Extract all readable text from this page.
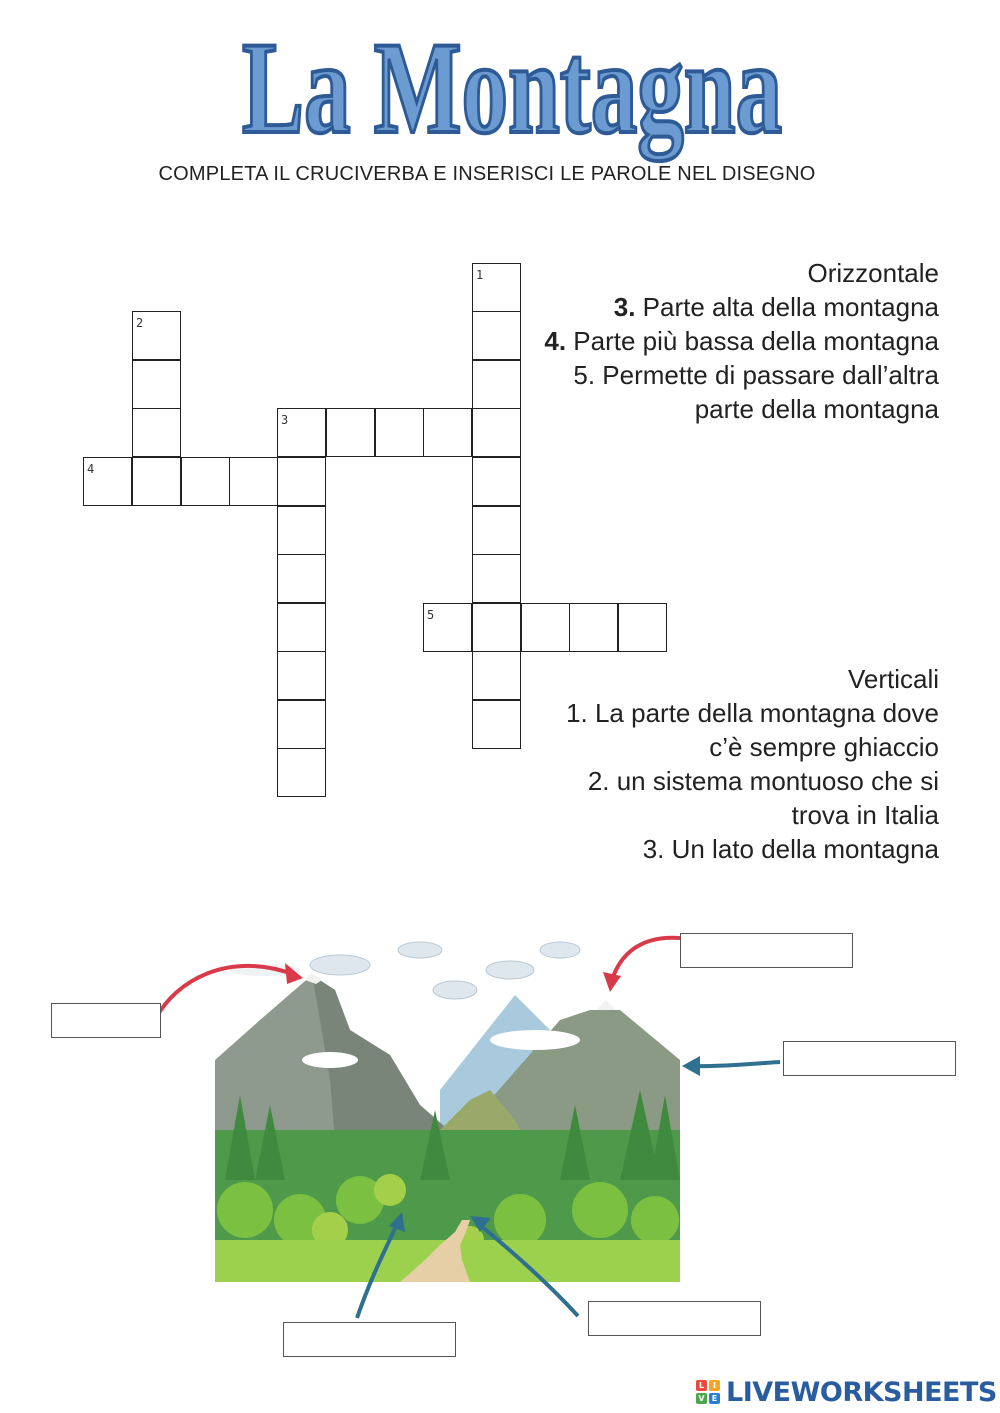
La Montagna
COMPLETA IL CRUCIVERBA E INSERISCI LE PAROLE NEL DISEGNO
1
2
3
4
5
Orizzontale
3. Parte alta della montagna
4. Parte più bassa della montagna
5. Permette di passare dall’altra parte della montagna
Verticali
1. La parte della montagna dove c’è sempre ghiaccio
2. un sistema montuoso che si trova in Italia
3. Un lato della montagna
L	I
V E LIVEWORKSHEETS
